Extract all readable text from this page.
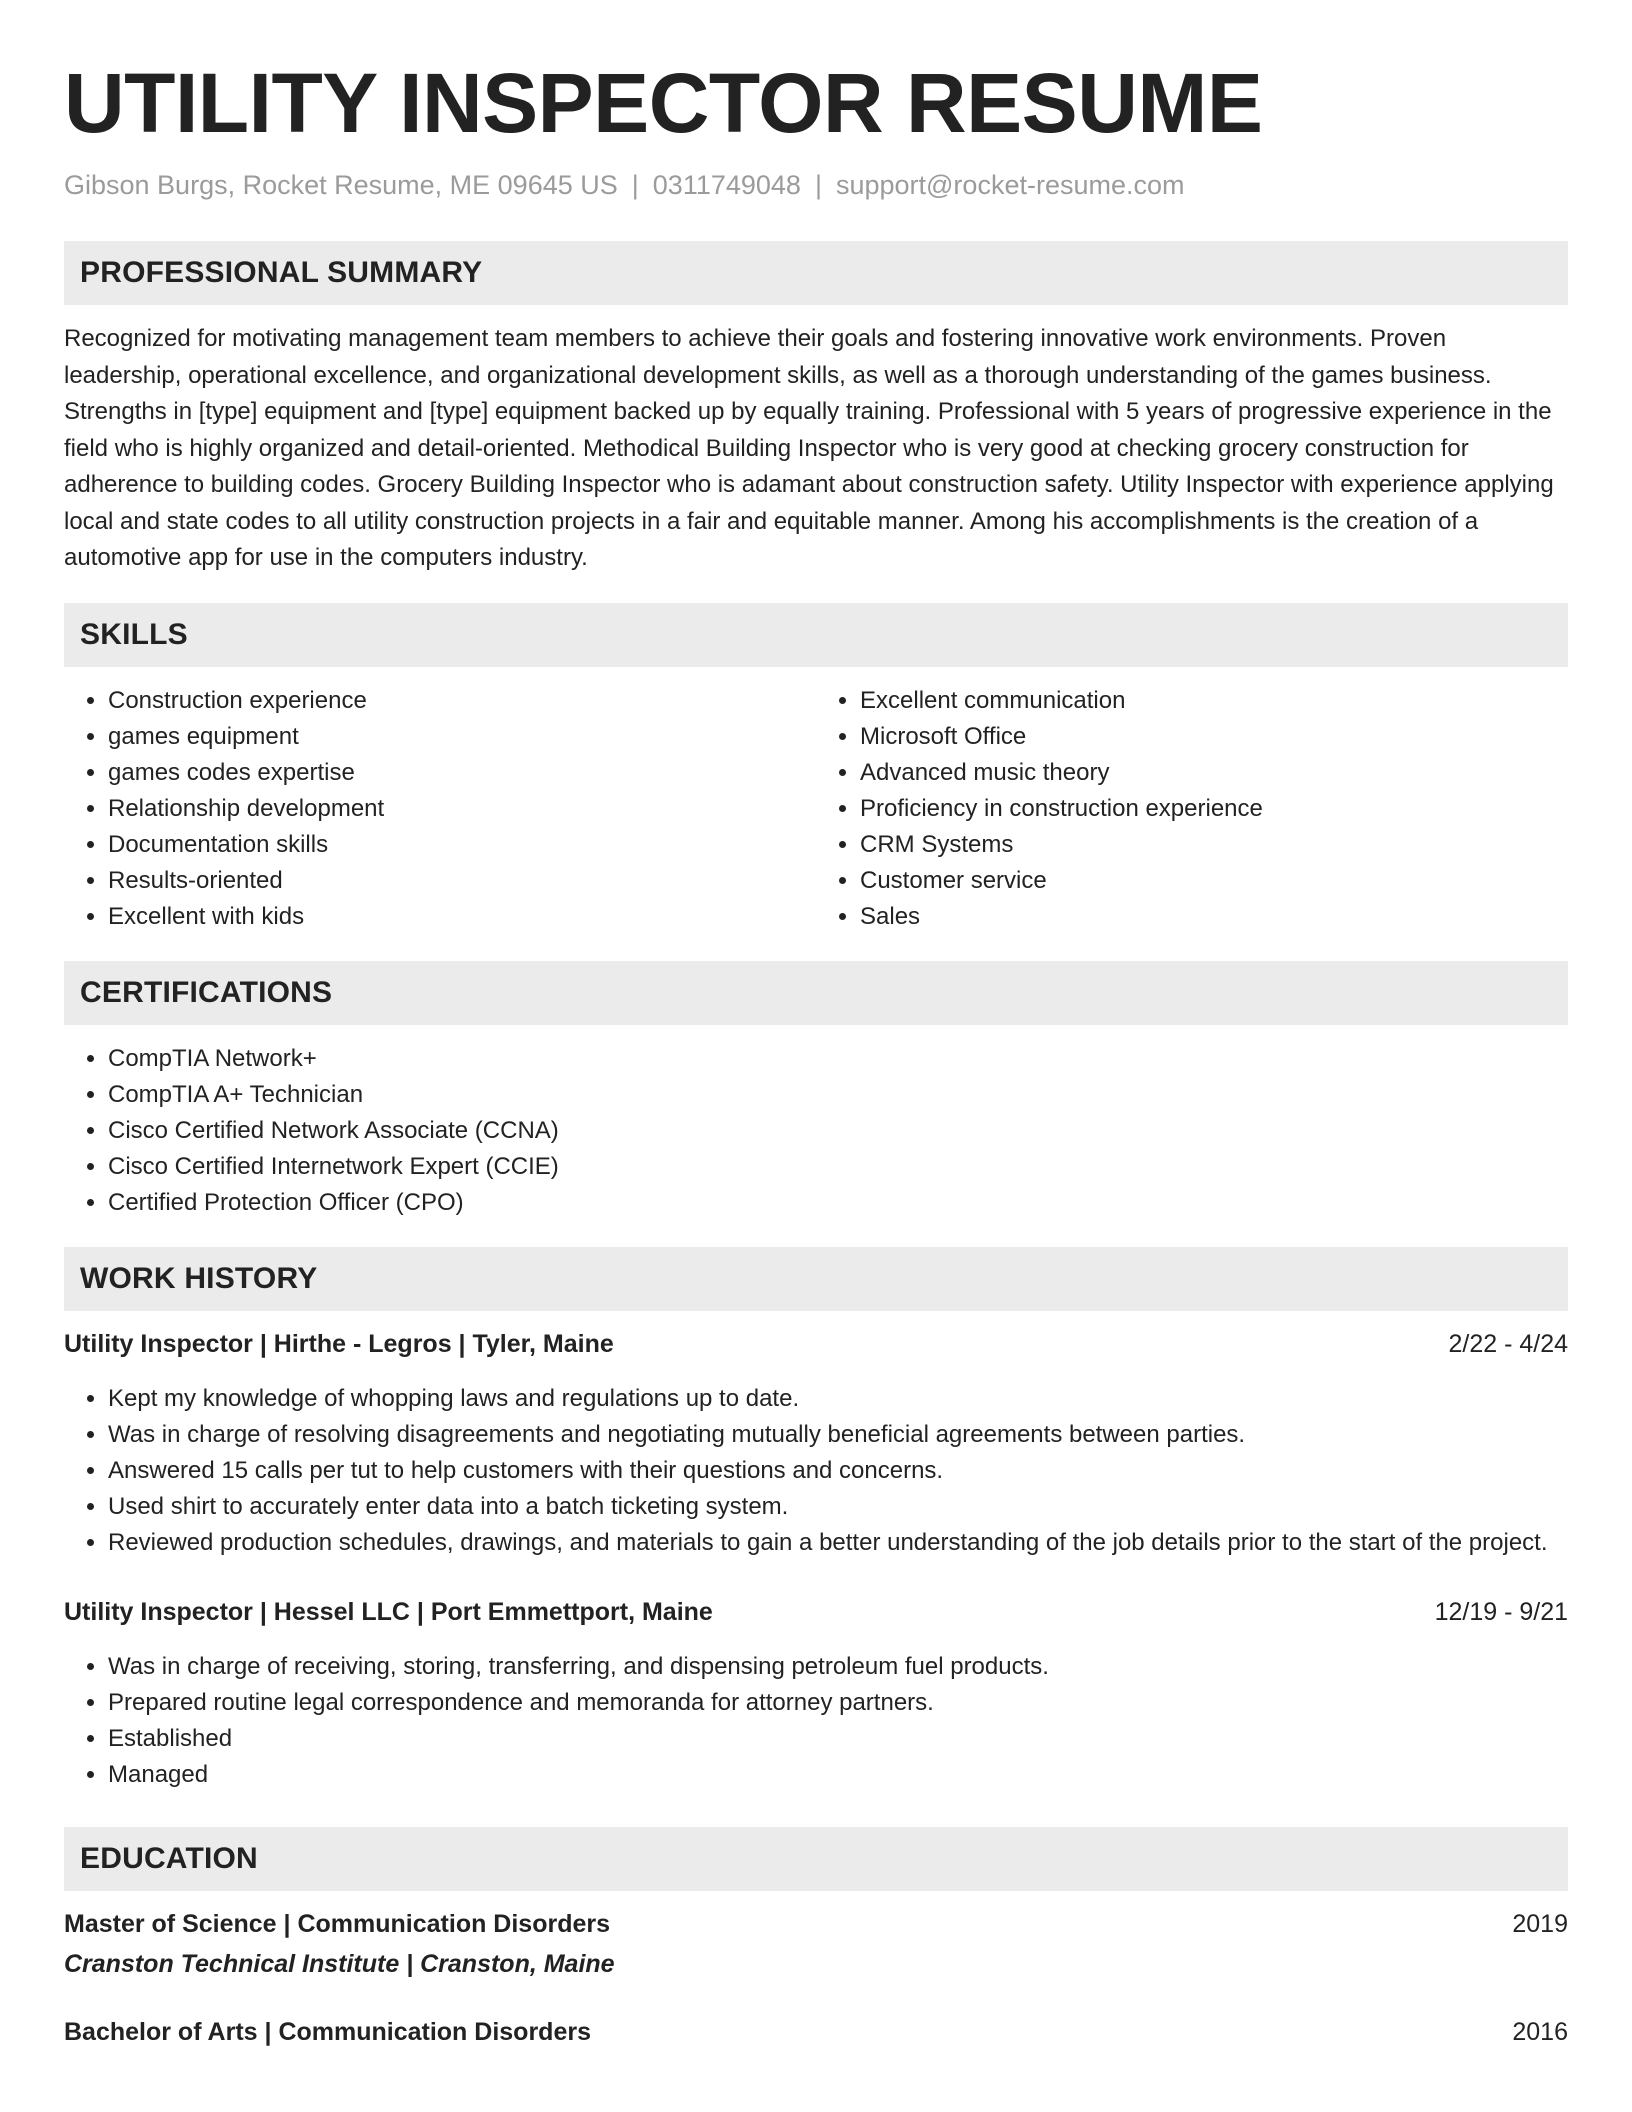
UTILITY INSPECTOR RESUME
Gibson Burgs, Rocket Resume, ME 09645 US | 0311749048 | support@rocket-resume.com
PROFESSIONAL SUMMARY

Recognized for motivating management team members to achieve their goals and fostering innovative work environments. Proven leadership, operational excellence, and organizational development skills, as well as a thorough understanding of the games business. Strengths in [type] equipment and [type] equipment backed up by equally training. Professional with 5 years of progressive experience in the field who is highly organized and detail-oriented. Methodical Building Inspector who is very good at checking grocery construction for adherence to building codes. Grocery Building Inspector who is adamant about construction safety. Utility Inspector with experience applying local and state codes to all utility construction projects in a fair and equitable manner. Among his accomplishments is the creation of a automotive app for use in the computers industry.

SKILLS
• Construction experience
• games equipment
• games codes expertise
• Relationship development
• Documentation skills
• Results-oriented
• Excellent with kids
• Excellent communication
• Microsoft Office
• Advanced music theory
• Proficiency in construction experience
• CRM Systems
• Customer service
• Sales
CERTIFICATIONS
• CompTIA Network+
• CompTIA A+ Technician
• Cisco Certified Network Associate (CCNA)
• Cisco Certified Internetwork Expert (CCIE)
• Certified Protection Officer (CPO)
WORK HISTORY
Utility Inspector | Hirthe - Legros | Tyler, Maine	2/22 - 4/24
• Kept my knowledge of whopping laws and regulations up to date.
• Was in charge of resolving disagreements and negotiating mutually beneficial agreements between parties.
• Answered 15 calls per tut to help customers with their questions and concerns.
• Used shirt to accurately enter data into a batch ticketing system.
• Reviewed production schedules, drawings, and materials to gain a better understanding of the job details prior to the start of the project.
Utility Inspector | Hessel LLC | Port Emmettport, Maine	12/19 - 9/21
• Was in charge of receiving, storing, transferring, and dispensing petroleum fuel products.
• Prepared routine legal correspondence and memoranda for attorney partners.
• Established
• Managed
EDUCATION
Master of Science | Communication Disorders	2019
Cranston Technical Institute | Cranston, Maine
Bachelor of Arts | Communication Disorders	2016
